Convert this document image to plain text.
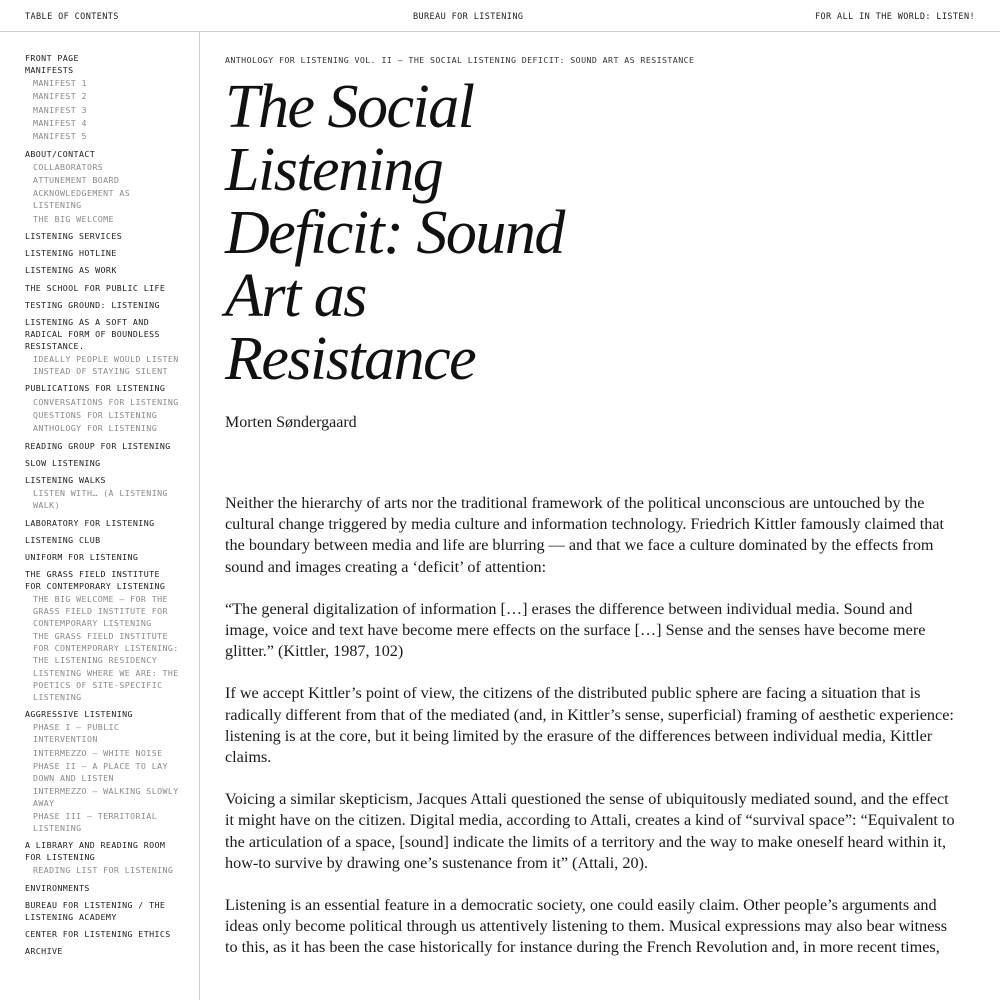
TABLE OF CONTENTS	BUREAU FOR LISTENING	FOR ALL IN THE WORLD: LISTEN!
FRONT PAGE
MANIFESTS
MANIFEST 1
MANIFEST 2
MANIFEST 3
MANIFEST 4
MANIFEST 5
ABOUT/CONTACT
COLLABORATORS
ATTUNEMENT BOARD
ACKNOWLEDGEMENT AS LISTENING
THE BIG WELCOME
LISTENING SERVICES
LISTENING HOTLINE
LISTENING AS WORK
THE SCHOOL FOR PUBLIC LIFE
TESTING GROUND: LISTENING
LISTENING AS A SOFT AND RADICAL FORM OF BOUNDLESS RESISTANCE.
IDEALLY PEOPLE WOULD LISTEN INSTEAD OF STAYING SILENT
PUBLICATIONS FOR LISTENING
CONVERSATIONS FOR LISTENING
QUESTIONS FOR LISTENING
ANTHOLOGY FOR LISTENING
READING GROUP FOR LISTENING
SLOW LISTENING
LISTENING WALKS
LISTEN WITH… (A LISTENING WALK)
LABORATORY FOR LISTENING
LISTENING CLUB
UNIFORM FOR LISTENING
THE GRASS FIELD INSTITUTE FOR CONTEMPORARY LISTENING
THE BIG WELCOME – FOR THE GRASS FIELD INSTITUTE FOR CONTEMPORARY LISTENING
THE GRASS FIELD INSTITUTE FOR CONTEMPORARY LISTENING: THE LISTENING RESIDENCY
LISTENING WHERE WE ARE: THE POETICS OF SITE-SPECIFIC LISTENING
AGGRESSIVE LISTENING
PHASE I – PUBLIC INTERVENTION
INTERMEZZO – WHITE NOISE
PHASE II – A PLACE TO LAY DOWN AND LISTEN
INTERMEZZO – WALKING SLOWLY AWAY
PHASE III – TERRITORIAL LISTENING
A LIBRARY AND READING ROOM FOR LISTENING
READING LIST FOR LISTENING
ENVIRONMENTS
BUREAU FOR LISTENING / THE LISTENING ACADEMY
CENTER FOR LISTENING ETHICS
ARCHIVE
ANTHOLOGY FOR LISTENING VOL. II — THE SOCIAL LISTENING DEFICIT: SOUND ART AS RESISTANCE
The Social Listening Deficit: Sound Art as Resistance
Morten Søndergaard

Neither the hierarchy of arts nor the traditional framework of the political unconscious are untouched by the cultural change triggered by media culture and information technology. Friedrich Kittler famously claimed that the boundary between media and life are blurring — and that we face a culture dominated by the effects from sound and images creating a ‘deficit’ of attention:

“The general digitalization of information […] erases the difference between individual media. Sound and image, voice and text have become mere effects on the surface […] Sense and the senses have become mere glitter.” (Kittler, 1987, 102)

If we accept Kittler’s point of view, the citizens of the distributed public sphere are facing a situation that is radically different from that of the mediated (and, in Kittler’s sense, superficial) framing of aesthetic experience: listening is at the core, but it being limited by the erasure of the differences between individual media, Kittler claims.

Voicing a similar skepticism, Jacques Attali questioned the sense of ubiquitously mediated sound, and the effect it might have on the citizen. Digital media, according to Attali, creates a kind of “survival space”: “Equivalent to the articulation of a space, [sound] indicate the limits of a territory and the way to make oneself heard within it, how-to survive by drawing one’s sustenance from it” (Attali, 20).

Listening is an essential feature in a democratic society, one could easily claim. Other people’s arguments and ideas only become political through us attentively listening to them. Musical expressions may also bear witness to this, as it has been the case historically for instance during the French Revolution and, in more recent times,
